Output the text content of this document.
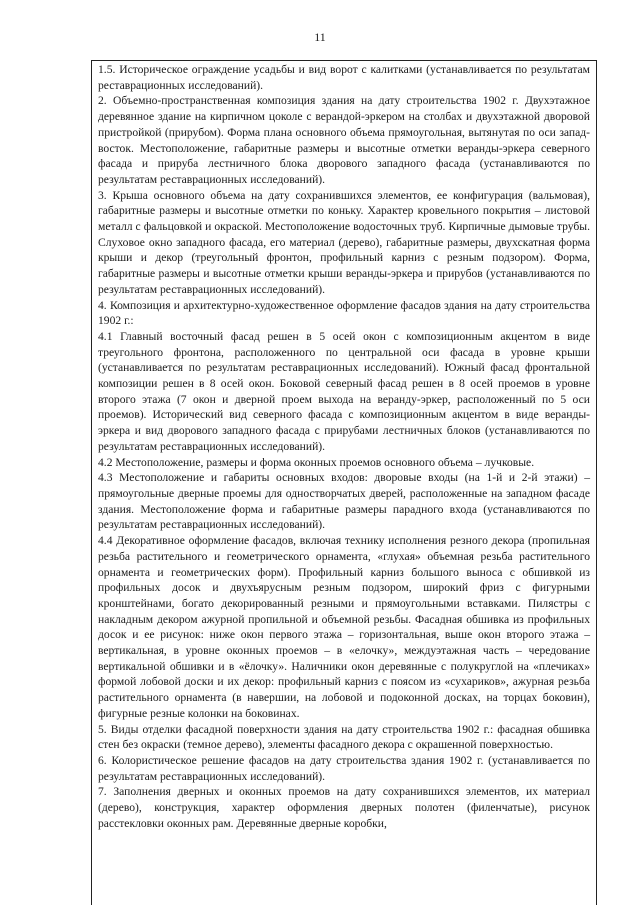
11

1.5. Историческое ограждение усадьбы и вид ворот с калитками (устанавливается по результатам реставрационных исследований).

2. Объемно-пространственная композиция здания на дату строительства 1902 г. Двухэтажное деревянное здание на кирпичном цоколе с верандой-эркером на столбах и двухэтажной дворовой пристройкой (прирубом). Форма плана основного объема прямоугольная, вытянутая по оси запад-восток. Местоположение, габаритные размеры и высотные отметки веранды-эркера северного фасада и прируба лестничного блока дворового западного фасада (устанавливаются по результатам реставрационных исследований).

3. Крыша основного объема на дату сохранившихся элементов, ее конфигурация (вальмовая), габаритные размеры и высотные отметки по коньку. Характер кровельного покрытия – листовой металл с фальцовкой и окраской. Местоположение водосточных труб. Кирпичные дымовые трубы. Слуховое окно западного фасада, его материал (дерево), габаритные размеры, двухскатная форма крыши и декор (треугольный фронтон, профильный карниз с резным подзором). Форма, габаритные размеры и высотные отметки крыши веранды-эркера и прирубов (устанавливаются по результатам реставрационных исследований).

4. Композиция и архитектурно-художественное оформление фасадов здания на дату строительства 1902 г.:

4.1 Главный восточный фасад решен в 5 осей окон с композиционным акцентом в виде треугольного фронтона, расположенного по центральной оси фасада в уровне крыши (устанавливается по результатам реставрационных исследований). Южный фасад фронтальной композиции решен в 8 осей окон. Боковой северный фасад решен в 8 осей проемов в уровне второго этажа (7 окон и дверной проем выхода на веранду-эркер, расположенный по 5 оси проемов). Исторический вид северного фасада с композиционным акцентом в виде веранды-эркера и вид дворового западного фасада с прирубами лестничных блоков (устанавливаются по результатам реставрационных исследований).

4.2 Местоположение, размеры и форма оконных проемов основного объема – лучковые.

4.3 Местоположение и габариты основных входов: дворовые входы (на 1-й и 2-й этажи) – прямоугольные дверные проемы для одностворчатых дверей, расположенные на западном фасаде здания. Местоположение форма и габаритные размеры парадного входа (устанавливаются по результатам реставрационных исследований).

4.4 Декоративное оформление фасадов, включая технику исполнения резного декора (пропильная резьба растительного и геометрического орнамента, «глухая» объемная резьба растительного орнамента и геометрических форм). Профильный карниз большого выноса с обшивкой из профильных досок и двухъярусным резным подзором, широкий фриз с фигурными кронштейнами, богато декорированный резными и прямоугольными вставками. Пилястры с накладным декором ажурной пропильной и объемной резьбы. Фасадная обшивка из профильных досок и ее рисунок: ниже окон первого этажа – горизонтальная, выше окон второго этажа – вертикальная, в уровне оконных проемов – в «елочку», междуэтажная часть – чередование вертикальной обшивки и в «ёлочку». Наличники окон деревянные с полукруглой на «плечиках» формой лобовой доски и их декор: профильный карниз с поясом из «сухариков», ажурная резьба растительного орнамента (в навершии, на лобовой и подоконной досках, на торцах боковин), фигурные резные колонки на боковинах.

5. Виды отделки фасадной поверхности здания на дату строительства 1902 г.: фасадная обшивка стен без окраски (темное дерево), элементы фасадного декора с окрашенной поверхностью.

6. Колористическое решение фасадов на дату строительства здания 1902 г. (устанавливается по результатам реставрационных исследований).

7. Заполнения дверных и оконных проемов на дату сохранившихся элементов, их материал (дерево), конструкция, характер оформления дверных полотен (филенчатые), рисунок расстекловки оконных рам. Деревянные дверные коробки,
